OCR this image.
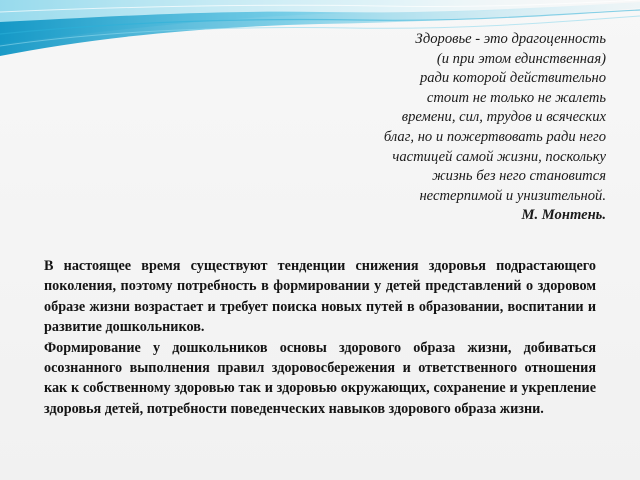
Здоровье - это драгоценность
(и при этом единственная)
ради которой действительно
стоит не только не жалеть
времени, сил, трудов и всяческих
благ, но и пожертвовать ради него
частицей самой жизни, поскольку
жизнь без него становится
нестерпимой и унизительной.
М. Монтень.

В настоящее время существуют тенденции снижения здоровья подрастающего поколения, поэтому потребность в формировании у детей представлений о здоровом образе жизни возрастает и требует поиска новых путей в образовании, воспитании и развитие дошкольников.

Формирование у дошкольников основы здорового образа жизни, добиваться осознанного выполнения правил здоровосбережения и ответственного отношения как к собственному здоровью так и здоровью окружающих, сохранение и укрепление здоровья детей, потребности поведенческих навыков здорового образа жизни.
